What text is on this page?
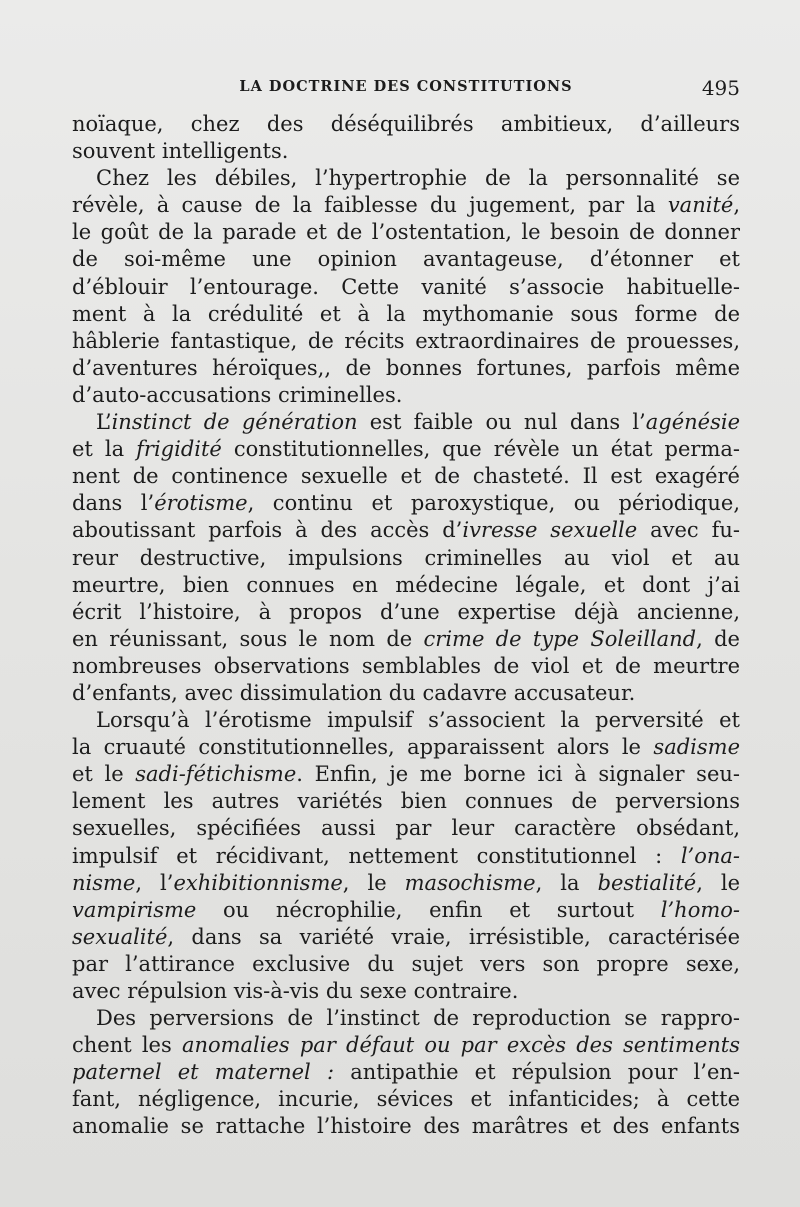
LA DOCTRINE DES CONSTITUTIONS	495
noïaque, chez des déséquilibrés ambitieux, d’ailleurs
souvent intelligents.
Chez les débiles, l’hypertrophie de la personnalité se
révèle, à cause de la faiblesse du jugement, par la vanité,
le goût de la parade et de l’ostentation, le besoin de donner
de soi-même une opinion avantageuse, d’étonner et
d’éblouir l’entourage. Cette vanité s’associe habituelle-
ment à la crédulité et à la mythomanie sous forme de
hâblerie fantastique, de récits extraordinaires de prouesses,
d’aventures héroïques,, de bonnes fortunes, parfois même
d’auto-accusations criminelles.
L’instinct de génération est faible ou nul dans l’agénésie
et la frigidité constitutionnelles, que révèle un état perma-
nent de continence sexuelle et de chasteté. Il est exagéré
dans l’érotisme, continu et paroxystique, ou périodique,
aboutissant parfois à des accès d’ivresse sexuelle avec fu-
reur destructive, impulsions criminelles au viol et au
meurtre, bien connues en médecine légale, et dont j’ai
écrit l’histoire, à propos d’une expertise déjà ancienne,
en réunissant, sous le nom de crime de type Soleilland, de
nombreuses observations semblables de viol et de meurtre
d’enfants, avec dissimulation du cadavre accusateur.
Lorsqu’à l’érotisme impulsif s’associent la perversité et
la cruauté constitutionnelles, apparaissent alors le sadisme
et le sadi-fétichisme. Enfin, je me borne ici à signaler seu-
lement les autres variétés bien connues de perversions
sexuelles, spécifiées aussi par leur caractère obsédant,
impulsif et récidivant, nettement constitutionnel : l’ona-
nisme, l’exhibitionnisme, le masochisme, la bestialité, le
vampirisme ou nécrophilie, enfin et surtout l’homo-
sexualité, dans sa variété vraie, irrésistible, caractérisée
par l’attirance exclusive du sujet vers son propre sexe,
avec répulsion vis-à-vis du sexe contraire.
Des perversions de l’instinct de reproduction se rappro-
chent les anomalies par défaut ou par excès des sentiments
paternel et maternel : antipathie et répulsion pour l’en-
fant, négligence, incurie, sévices et infanticides; à cette
anomalie se rattache l’histoire des marâtres et des enfants
